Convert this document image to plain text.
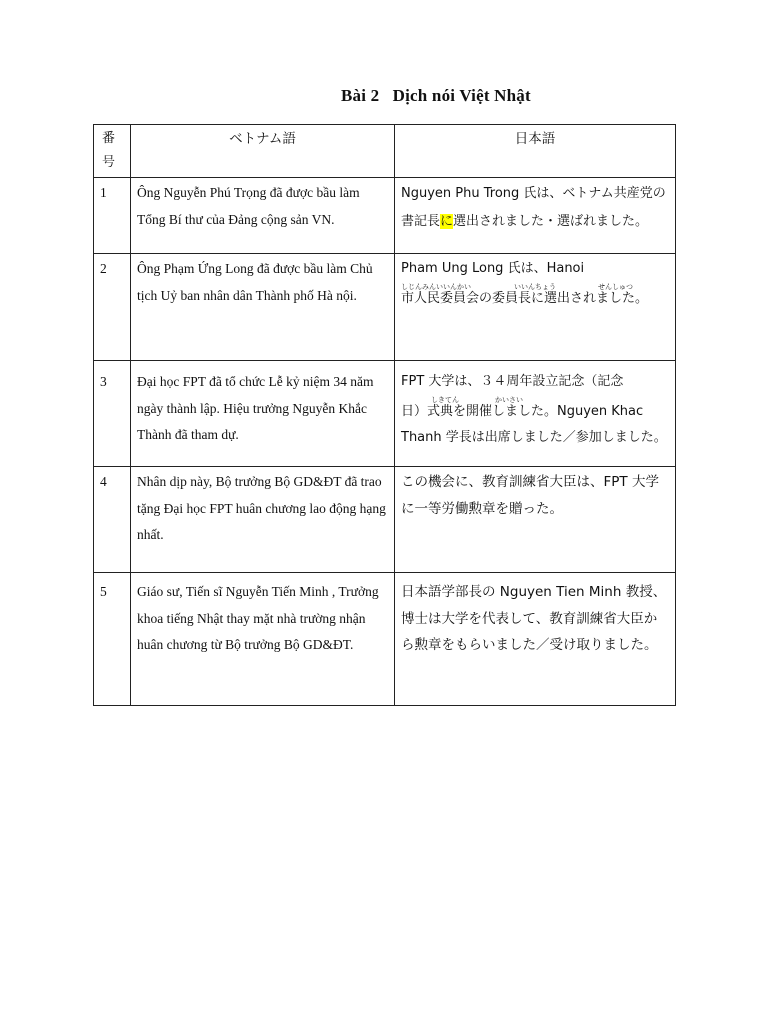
Bài 2   Dịch nói Việt Nhật
番号	ベトナム語	日本語
1	Ông Nguyễn Phú Trọng đã được bầu làm Tổng Bí thư của Đảng cộng sản VN.	Nguyen Phu Trong 氏は、ベトナム共産党の書記長に選出されました・選ばれました。
2	Ông Phạm Ứng Long đã được bầu làm Chủ tịch Uỷ ban nhân dân Thành phố Hà nội.	Pham Ung Long 氏は、Hanoi
しじんみんいいんかい いいんちょう せんしゅつ
市人民委員会の委員長に選出されました。

3	Đại học FPT đã tổ chức Lễ kỷ niệm 34 năm ngày thành lập. Hiệu trưởng Nguyễn Khắc Thành đã tham dự.	FPT 大学は、３４周年設立記念（記念
しきてん かいさい
日）式典を開催しました。Nguyen Khac Thanh 学長は出席しました／参加しました。

4	Nhân dịp này, Bộ trưởng Bộ GD&ĐT đã trao tặng Đại học FPT huân chương lao động hạng nhất.	この機会に、教育訓練省大臣は、FPT 大学に一等労働勲章を贈った。
5	Giáo sư, Tiến sĩ Nguyễn Tiến Minh , Trưởng khoa tiếng Nhật thay mặt nhà trường nhận huân chương từ Bộ trưởng Bộ GD&ĐT.	日本語学部長の Nguyen Tien Minh 教授、博士は大学を代表して、教育訓練省大臣から勲章をもらいました／受け取りました。
